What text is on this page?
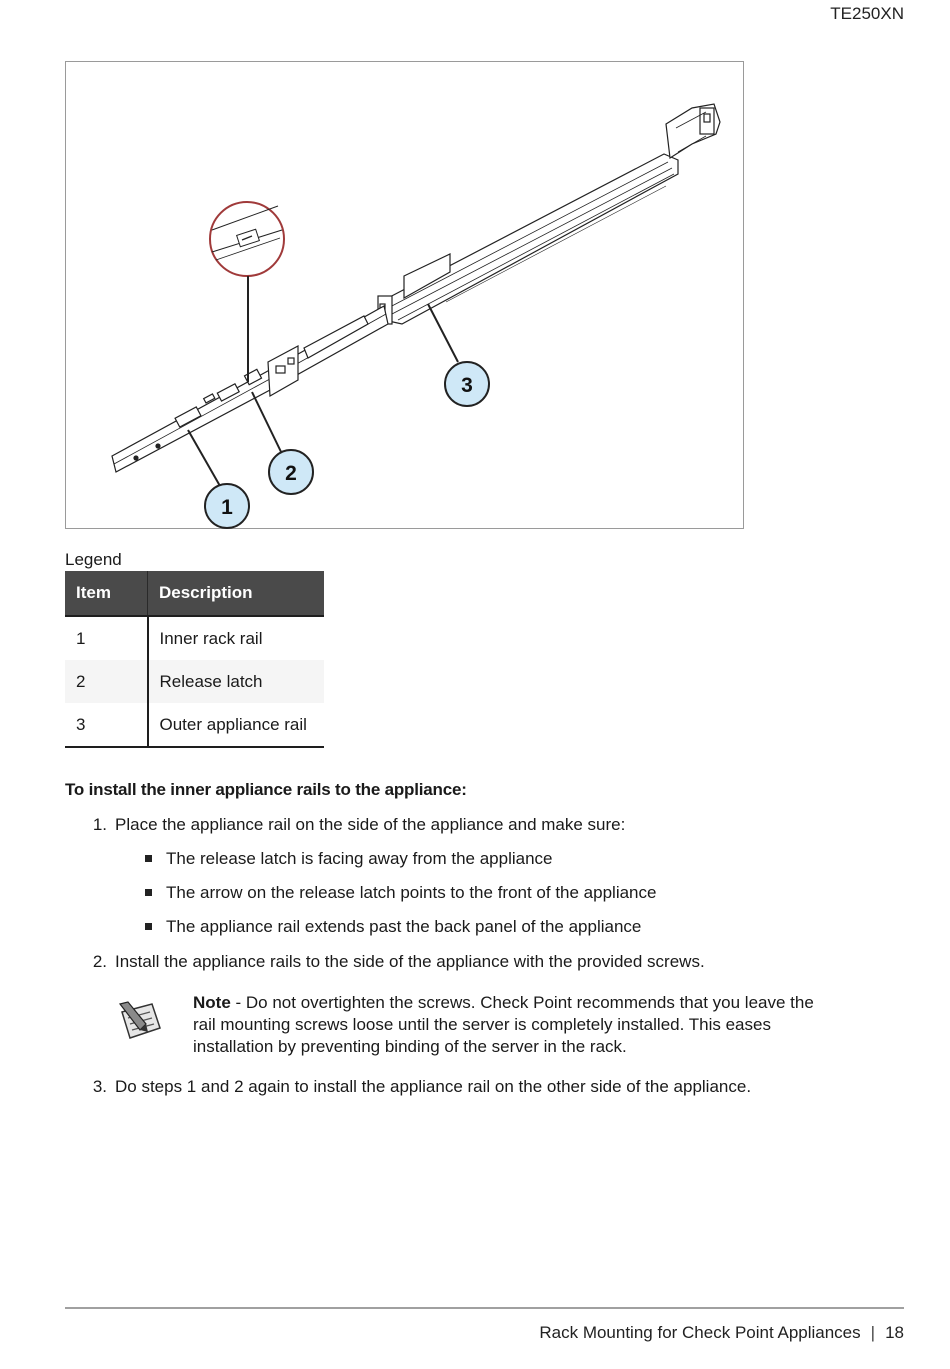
TE250XN
1
2
3
Legend
Item	Description
1	Inner rack rail
2	Release latch
3	Outer appliance rail
To install the inner appliance rails to the appliance:
1. Place the appliance rail on the side of the appliance and make sure:
The release latch is facing away from the appliance
The arrow on the release latch points to the front of the appliance
The appliance rail extends past the back panel of the appliance
2. Install the appliance rails to the side of the appliance with the provided screws.
Note - Do not overtighten the screws. Check Point recommends that you leave the rail mounting screws loose until the server is completely installed. This eases installation by preventing binding of the server in the rack.
3. Do steps 1 and 2 again to install the appliance rail on the other side of the appliance.
Rack Mounting for Check Point Appliances | 18
